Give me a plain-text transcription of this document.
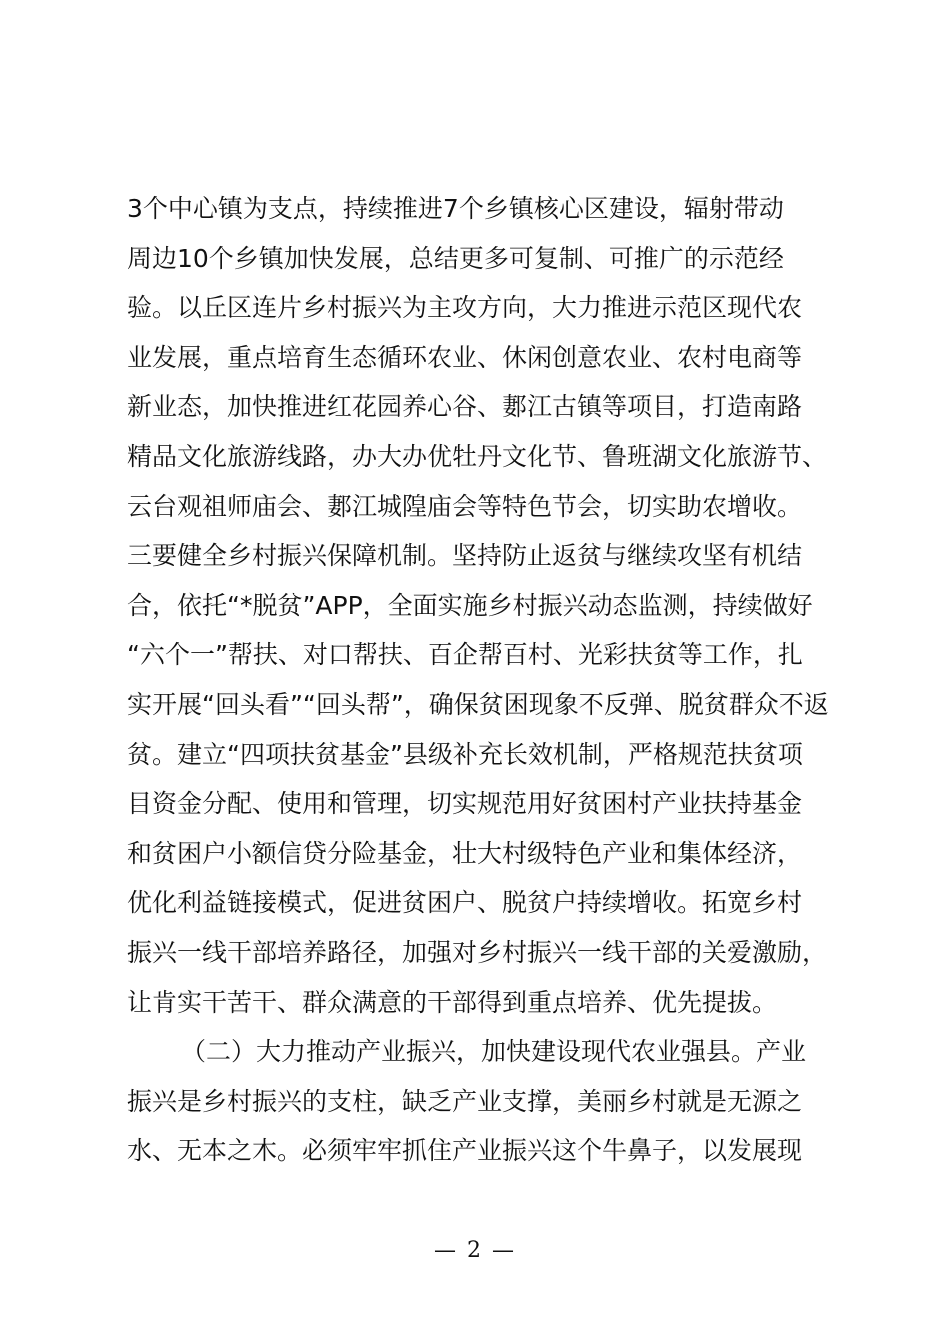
3个中心镇为支点，持续推进7个乡镇核心区建设，辐射带动
周边10个乡镇加快发展，总结更多可复制、可推广的示范经
验。以丘区连片乡村振兴为主攻方向，大力推进示范区现代农
业发展，重点培育生态循环农业、休闲创意农业、农村电商等
新业态，加快推进红花园养心谷、郪江古镇等项目，打造南路
精品文化旅游线路，办大办优牡丹文化节、鲁班湖文化旅游节、
云台观祖师庙会、郪江城隍庙会等特色节会，切实助农增收。
三要健全乡村振兴保障机制。坚持防止返贫与继续攻坚有机结
合，依托“*脱贫”APP，全面实施乡村振兴动态监测，持续做好
“六个一”帮扶、对口帮扶、百企帮百村、光彩扶贫等工作，扎
实开展“回头看”“回头帮”，确保贫困现象不反弹、脱贫群众不返
贫。建立“四项扶贫基金”县级补充长效机制，严格规范扶贫项
目资金分配、使用和管理，切实规范用好贫困村产业扶持基金
和贫困户小额信贷分险基金，壮大村级特色产业和集体经济，
优化利益链接模式，促进贫困户、脱贫户持续增收。拓宽乡村
振兴一线干部培养路径，加强对乡村振兴一线干部的关爱激励，
让肯实干苦干、群众满意的干部得到重点培养、优先提拔。
（二）大力推动产业振兴，加快建设现代农业强县。产业
振兴是乡村振兴的支柱，缺乏产业支撑，美丽乡村就是无源之
水、无本之木。必须牢牢抓住产业振兴这个牛鼻子，以发展现
— 2 —
